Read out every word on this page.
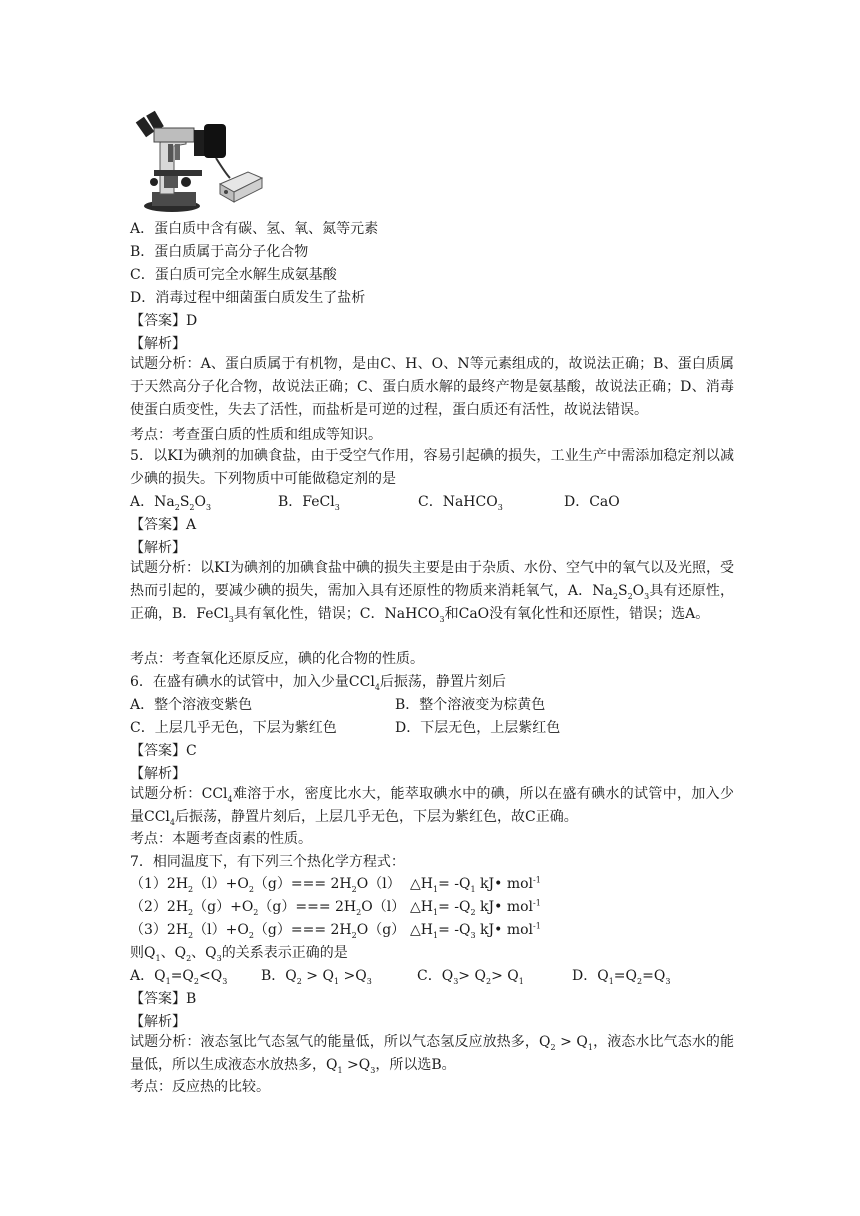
A．蛋白质中含有碳、氢、氧、氮等元素
B．蛋白质属于高分子化合物
C．蛋白质可完全水解生成氨基酸
D．消毒过程中细菌蛋白质发生了盐析
【答案】D
【解析】
试题分析：A、蛋白质属于有机物，是由C、H、O、N等元素组成的，故说法正确；B、蛋白质属于天然高分子化合物，故说法正确；C、蛋白质水解的最终产物是氨基酸，故说法正确；D、消毒使蛋白质变性，失去了活性，而盐析是可逆的过程，蛋白质还有活性，故说法错误。
考点：考查蛋白质的性质和组成等知识。
5．以KI为碘剂的加碘食盐，由于受空气作用，容易引起碘的损失，工业生产中需添加稳定剂以减少碘的损失。下列物质中可能做稳定剂的是
A．$Na_2S_2O_3$	B．FeCl$_3$	C．NaHCO$_3$	D．CaO
【答案】A
【解析】
试题分析：以KI为碘剂的加碘食盐中碘的损失主要是由于杂质、水份、空气中的氧气以及光照，受热而引起的，要减少碘的损失，需加入具有还原性的物质来消耗氧气，A．$Na_2S_2O_3$具有还原性，正确，B．FeCl$_3$具有氧化性，错误；C．NaHCO$_3$和CaO没有氧化性和还原性，错误；选A。
考点：考查氧化还原反应，碘的化合物的性质。
6．在盛有碘水的试管中，加入少量CCl$_4$后振荡，静置片刻后
A．整个溶液变紫色	B．整个溶液变为棕黄色
C．上层几乎无色，下层为紫红色	D．下层无色，上层紫红色
【答案】C
【解析】
试题分析：CCl$_4$难溶于水，密度比水大，能萃取碘水中的碘，所以在盛有碘水的试管中，加入少量CCl$_4$后振荡，静置片刻后，上层几乎无色，下层为紫红色，故C正确。
考点：本题考查卤素的性质。
7．相同温度下，有下列三个热化学方程式：
$(1)2H_2(l)+O_2(g)=== 2H_2O(l)$ $\triangle H_1= -Q_1$ kJ• mol$^{-1}$
$(2)2H_2(g)+O_2(g)=== 2H_2O(l)$ $\triangle H_1= -Q_2$ kJ• mol$^{-1}$
$(3)2H_2(l)+O_2(g)=== 2H_2O(g)$ $\triangle H_1= -Q_3$ kJ• mol$^{-1}$
则$Q_1$、$Q_2$、$Q_3$的关系表示正确的是
A．$Q_1=Q_2<Q_3$ B．$Q_2 > Q_1 >Q_3$	C．$Q_3> Q_2> Q_1$	D．$Q_1=Q_2=Q_3$
【答案】B
【解析】
试题分析：液态氢比气态氢气的能量低，所以气态氢反应放热多，$Q_2 > Q_1$，液态水比气态水的能量低，所以生成液态水放热多，$Q_1 >Q_3$，所以选B。
考点：反应热的比较。
